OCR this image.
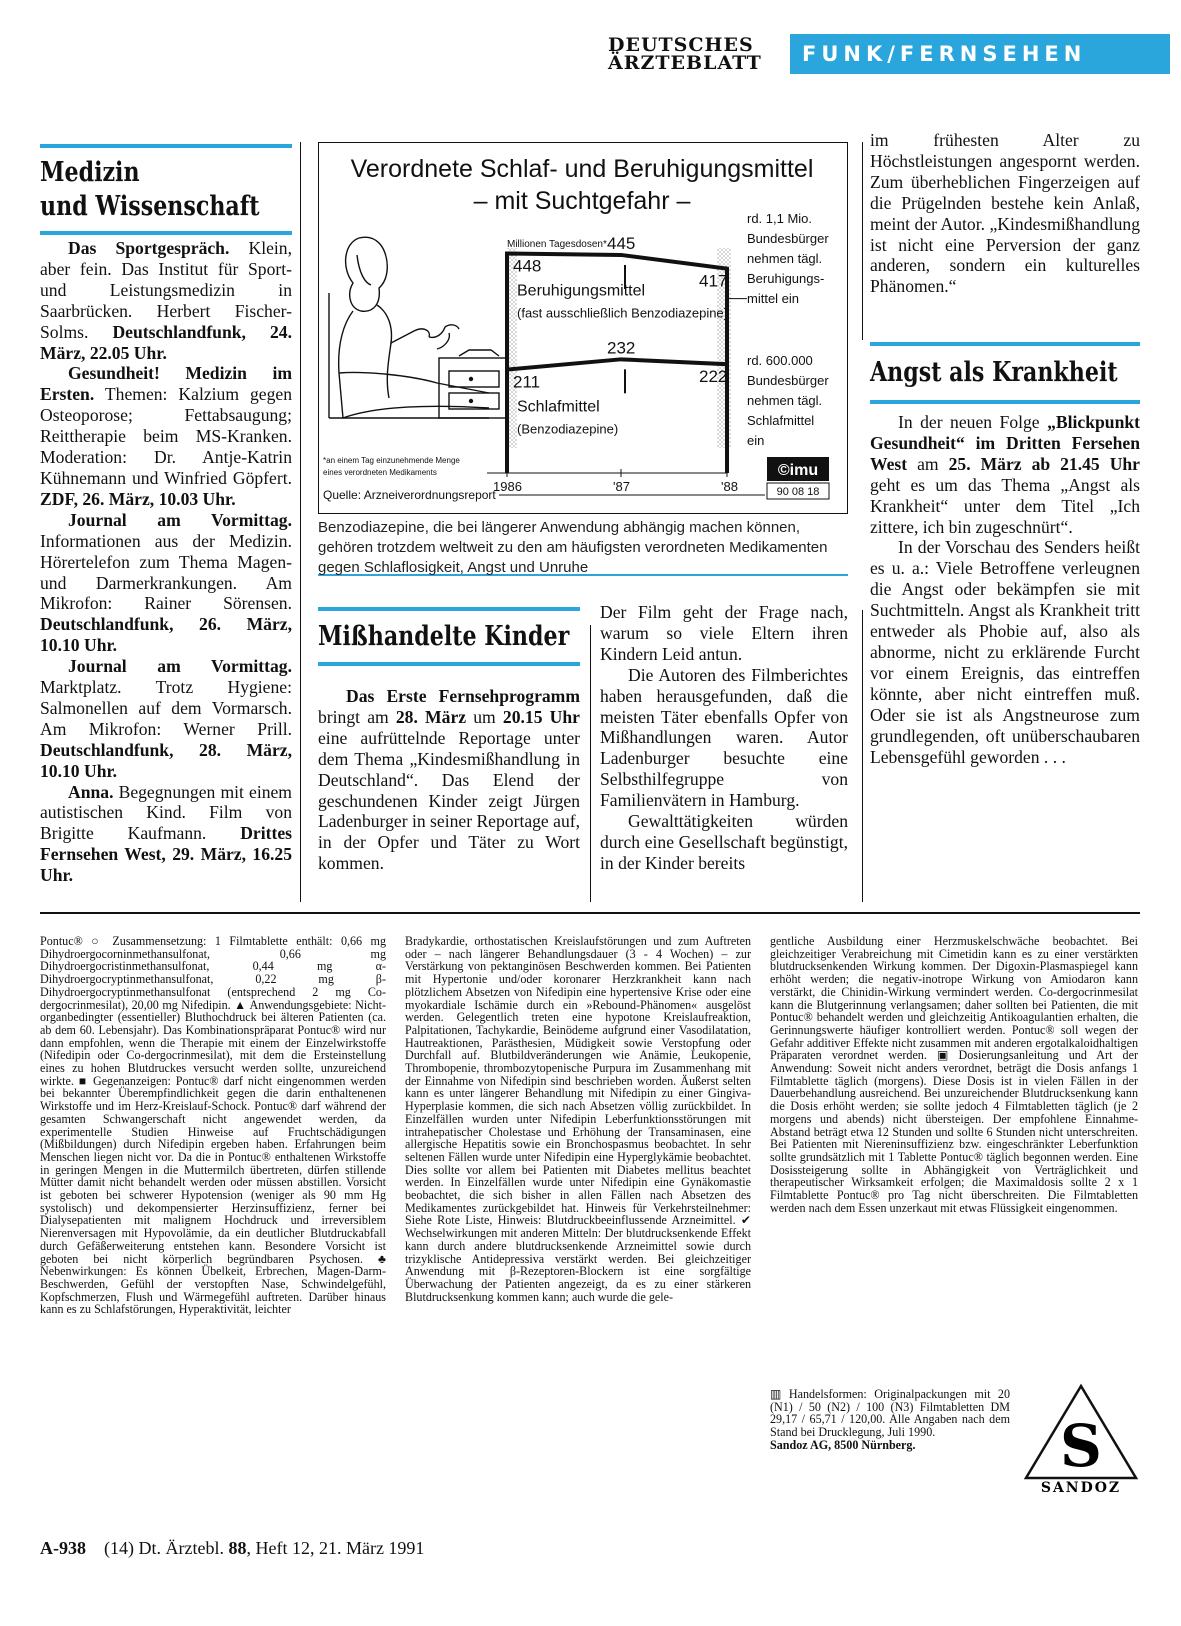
DEUTSCHES
ÄRZTEBLATT	FUNK/FERNSEHEN
Medizin
und Wissenschaft

Das Sportgespräch. Klein, aber fein. Das Institut für Sport- und Leistungsmedizin in Saarbrücken. Herbert Fischer-Solms. Deutschlandfunk, 24. März, 22.05 Uhr.

Gesundheit! Medizin im Ersten. Themen: Kalzium gegen Osteoporose; Fettabsaugung; Reittherapie beim MS-Kranken. Moderation: Dr. Antje-Katrin Kühnemann und Winfried Göpfert. ZDF, 26. März, 10.03 Uhr.

Journal am Vormittag. Informationen aus der Medizin. Hörertelefon zum Thema Magen- und Darmerkrankungen. Am Mikrofon: Rainer Sörensen. Deutschlandfunk, 26. März, 10.10 Uhr.

Journal am Vormittag. Marktplatz. Trotz Hygiene: Salmonellen auf dem Vormarsch. Am Mikrofon: Werner Prill. Deutschlandfunk, 28. März, 10.10 Uhr.

Anna. Begegnungen mit einem autistischen Kind. Film von Brigitte Kaufmann. Drittes Fernsehen West, 29. März, 16.25 Uhr.

Verordnete Schlaf- und Beruhigungsmittel
– mit Suchtgefahr –
Millionen Tagesdosen*
448
445
417
Beruhigungsmittel
(fast ausschließlich Benzodiazepine)
211
232
222
Schlafmittel
(Benzodiazepine)
1986	'87	'88
rd. 1,1 Mio.
Bundesbürger
nehmen tägl.
Beruhigungs-
mittel ein
rd. 600.000
Bundesbürger
nehmen tägl.
Schlafmittel
ein
*an einem Tag einzunehmende Menge
eines verordneten Medikaments
Quelle: Arzneiverordnungsreport
©imu
90 08 18
Benzodiazepine, die bei längerer Anwendung abhängig machen können, gehören trotzdem weltweit zu den am häufigsten verordneten Medikamenten gegen Schlaflosigkeit, Angst und Unruhe
Mißhandelte Kinder

Das Erste Fernsehprogramm bringt am 28. März um 20.15 Uhr eine aufrüttelnde Reportage unter dem Thema „Kindesmißhandlung in Deutschland“. Das Elend der geschundenen Kinder zeigt Jürgen Ladenburger in seiner Reportage auf, in der Opfer und Täter zu Wort kommen.

Der Film geht der Frage nach, warum so viele Eltern ihren Kindern Leid antun.

Die Autoren des Filmberichtes haben herausgefunden, daß die meisten Täter ebenfalls Opfer von Mißhandlungen waren. Autor Ladenburger besuchte eine Selbsthilfegruppe von Familienvätern in Hamburg.

Gewalttätigkeiten würden durch eine Gesellschaft begünstigt, in der Kinder bereits

im frühesten Alter zu Höchstleistungen angespornt werden. Zum überheblichen Fingerzeigen auf die Prügelnden bestehe kein Anlaß, meint der Autor. „Kindesmißhandlung ist nicht eine Perversion der ganz anderen, sondern ein kulturelles Phänomen.“

Angst als Krankheit

In der neuen Folge „Blickpunkt Gesundheit“ im Dritten Fersehen West am 25. März ab 21.45 Uhr geht es um das Thema „Angst als Krankheit“ unter dem Titel „Ich zittere, ich bin zugeschnürt“.

In der Vorschau des Senders heißt es u. a.: Viele Betroffene verleugnen die Angst oder bekämpfen sie mit Suchtmitteln. Angst als Krankheit tritt entweder als Phobie auf, also als abnorme, nicht zu erklärende Furcht vor einem Ereignis, das eintreffen könnte, aber nicht eintreffen muß. Oder sie ist als Angstneurose zum grundlegenden, oft unüberschaubaren Lebensgefühl geworden . . .

Pontuc® ○ Zusammensetzung: 1 Filmtablette enthält: 0,66 mg Dihydroergocorninmethansulfonat, 0,66 mg Dihydroergocristinmethansulfonat, 0,44 mg α-Dihydroergocryptinmethansulfonat, 0,22 mg β-Dihydroergocryptinmethansulfonat (entsprechend 2 mg Co-dergocrinmesilat), 20,00 mg Nifedipin. ▲ Anwendungsgebiete: Nicht-organbedingter (essentieller) Bluthochdruck bei älteren Patienten (ca. ab dem 60. Lebensjahr). Das Kombinationspräparat Pontuc® wird nur dann empfohlen, wenn die Therapie mit einem der Einzelwirkstoffe (Nifedipin oder Co-dergocrinmesilat), mit dem die Ersteinstellung eines zu hohen Blutdruckes versucht werden sollte, unzureichend wirkte. ■ Gegenanzeigen: Pontuc® darf nicht eingenommen werden bei bekannter Überempfindlichkeit gegen die darin enthaltenenen Wirkstoffe und im Herz-Kreislauf-Schock. Pontuc® darf während der gesamten Schwangerschaft nicht angewendet werden, da experimentelle Studien Hinweise auf Fruchtschädigungen (Mißbildungen) durch Nifedipin ergeben haben. Erfahrungen beim Menschen liegen nicht vor. Da die in Pontuc® enthaltenen Wirkstoffe in geringen Mengen in die Muttermilch übertreten, dürfen stillende Mütter damit nicht behandelt werden oder müssen abstillen. Vorsicht ist geboten bei schwerer Hypotension (weniger als 90 mm Hg systolisch) und dekompensierter Herzinsuffizienz, ferner bei Dialysepatienten mit malignem Hochdruck und irreversiblem Nierenversagen mit Hypovolämie, da ein deutlicher Blutdruckabfall durch Gefäßerweiterung entstehen kann. Besondere Vorsicht ist geboten bei nicht körperlich begründbaren Psychosen. ♣ Nebenwirkungen: Es können Übelkeit, Erbrechen, Magen-Darm-Beschwerden, Gefühl der verstopften Nase, Schwindelgefühl, Kopfschmerzen, Flush und Wärmegefühl auftreten. Darüber hinaus kann es zu Schlafstörungen, Hyperaktivität, leichter

Bradykardie, orthostatischen Kreislaufstörungen und zum Auftreten oder – nach längerer Behandlungsdauer (3 - 4 Wochen) – zur Verstärkung von pektanginösen Beschwerden kommen. Bei Patienten mit Hypertonie und/oder koronarer Herzkrankheit kann nach plötzlichem Absetzen von Nifedipin eine hypertensive Krise oder eine myokardiale Ischämie durch ein »Rebound-Phänomen« ausgelöst werden. Gelegentlich treten eine hypotone Kreislaufreaktion, Palpitationen, Tachykardie, Beinödeme aufgrund einer Vasodilatation, Hautreaktionen, Parästhesien, Müdigkeit sowie Verstopfung oder Durchfall auf. Blutbildveränderungen wie Anämie, Leukopenie, Thrombopenie, thrombozytopenische Purpura im Zusammenhang mit der Einnahme von Nifedipin sind beschrieben worden. Äußerst selten kann es unter längerer Behandlung mit Nifedipin zu einer Gingiva-Hyperplasie kommen, die sich nach Absetzen völlig zurückbildet. In Einzelfällen wurden unter Nifedipin Leberfunktionsstörungen mit intrahepatischer Cholestase und Erhöhung der Transaminasen, eine allergische Hepatitis sowie ein Bronchospasmus beobachtet. In sehr seltenen Fällen wurde unter Nifedipin eine Hyperglykämie beobachtet. Dies sollte vor allem bei Patienten mit Diabetes mellitus beachtet werden. In Einzelfällen wurde unter Nifedipin eine Gynäkomastie beobachtet, die sich bisher in allen Fällen nach Absetzen des Medikamentes zurückgebildet hat. Hinweis für Verkehrsteilnehmer: Siehe Rote Liste, Hinweis: Blutdruckbeeinflussende Arzneimittel. ✔ Wechselwirkungen mit anderen Mitteln: Der blutdrucksenkende Effekt kann durch andere blutdrucksenkende Arzneimittel sowie durch trizyklische Antidepressiva verstärkt werden. Bei gleichzeitiger Anwendung mit β-Rezeptoren-Blockern ist eine sorgfältige Überwachung der Patienten angezeigt, da es zu einer stärkeren Blutdrucksenkung kommen kann; auch wurde die gele-

gentliche Ausbildung einer Herzmuskelschwäche beobachtet. Bei gleichzeitiger Verabreichung mit Cimetidin kann es zu einer verstärkten blutdrucksenkenden Wirkung kommen. Der Digoxin-Plasmaspiegel kann erhöht werden; die negativ-inotrope Wirkung von Amiodaron kann verstärkt, die Chinidin-Wirkung vermindert werden. Co-dergocrinmesilat kann die Blutgerinnung verlangsamen; daher sollten bei Patienten, die mit Pontuc® behandelt werden und gleichzeitig Antikoagulantien erhalten, die Gerinnungswerte häufiger kontrolliert werden. Pontuc® soll wegen der Gefahr additiver Effekte nicht zusammen mit anderen ergotalkaloidhaltigen Präparaten verordnet werden. ▣ Dosierungsanleitung und Art der Anwendung: Soweit nicht anders verordnet, beträgt die Dosis anfangs 1 Filmtablette täglich (morgens). Diese Dosis ist in vielen Fällen in der Dauerbehandlung ausreichend. Bei unzureichender Blutdrucksenkung kann die Dosis erhöht werden; sie sollte jedoch 4 Filmtabletten täglich (je 2 morgens und abends) nicht übersteigen. Der empfohlene Einnahme-Abstand beträgt etwa 12 Stunden und sollte 6 Stunden nicht unterschreiten. Bei Patienten mit Niereninsuffizienz bzw. eingeschränkter Leberfunktion sollte grundsätzlich mit 1 Tablette Pontuc® täglich begonnen werden. Eine Dosissteigerung sollte in Abhängigkeit von Verträglichkeit und therapeutischer Wirksamkeit erfolgen; die Maximaldosis sollte 2 x 1 Filmtablette Pontuc® pro Tag nicht überschreiten. Die Filmtabletten werden nach dem Essen unzerkaut mit etwas Flüssigkeit eingenommen.

▥ Handelsformen: Originalpackungen mit 20 (N1) / 50 (N2) / 100 (N3) Filmtabletten DM 29,17 / 65,71 / 120,00. Alle Angaben nach dem Stand bei Drucklegung, Juli 1990.

Sandoz AG, 8500 Nürnberg.	S
SANDOZ
A-938 (14) Dt. Ärztebl. 88, Heft 12, 21. März 1991
